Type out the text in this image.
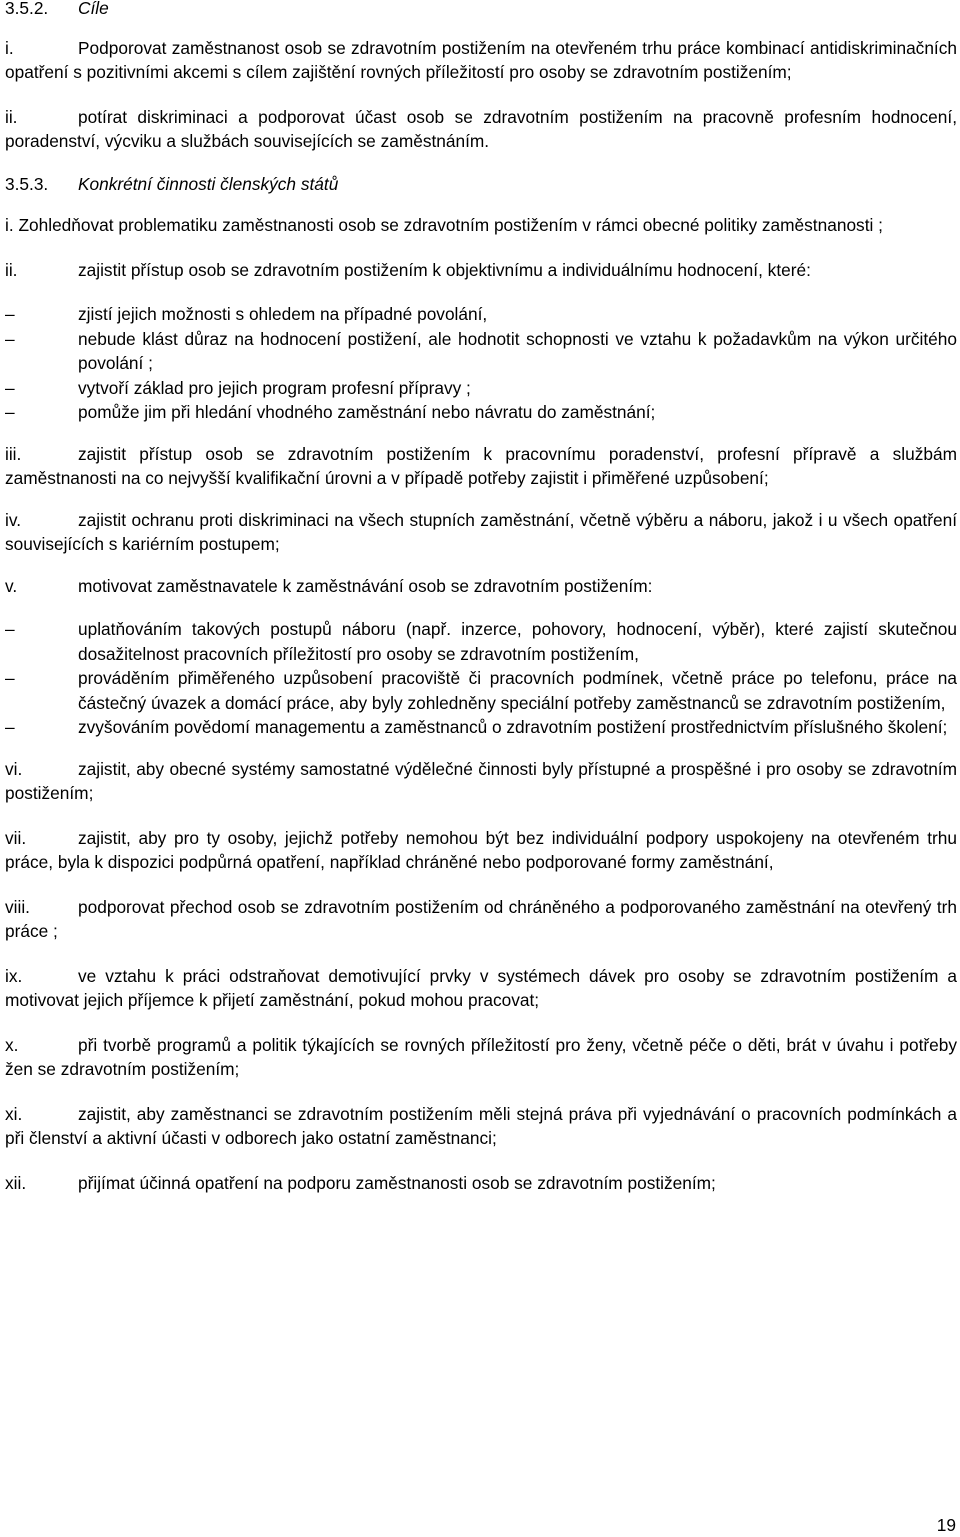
3.5.2. Cíle

i.	Podporovat zaměstnanost osob se zdravotním postižením na otevřeném trhu práce kombinací antidiskriminačních opatření s pozitivními akcemi s cílem zajištění rovných příležitostí pro osoby se zdravotním postižením;

ii.	potírat diskriminaci a podporovat účast osob se zdravotním postižením na pracovně profesním hodnocení, poradenství, výcviku a službách souvisejících se zaměstnáním.

3.5.3. Konkrétní činnosti členských států

i. Zohledňovat problematiku zaměstnanosti osob se zdravotním postižením v rámci obecné politiky zaměstnanosti ;

ii.	zajistit přístup osob se zdravotním postižením k objektivnímu a individuálnímu hodnocení, které:

–	zjistí jejich možnosti s ohledem na případné povolání,
–	nebude klást důraz na hodnocení postižení, ale hodnotit schopnosti ve vztahu k požadavkům na výkon určitého povolání ;
–	vytvoří základ pro jejich program profesní přípravy ;
–	pomůže jim při hledání vhodného zaměstnání nebo návratu do zaměstnání;

iii.	zajistit přístup osob se zdravotním postižením k pracovnímu poradenství, profesní přípravě a službám zaměstnanosti na co nejvyšší kvalifikační úrovni a v případě potřeby zajistit i přiměřené uzpůsobení;

iv.	zajistit ochranu proti diskriminaci na všech stupních zaměstnání, včetně výběru a náboru, jakož i u všech opatření souvisejících s kariérním postupem;

v.	motivovat zaměstnavatele k zaměstnávání osob se zdravotním postižením:

–	uplatňováním takových postupů náboru (např. inzerce, pohovory, hodnocení, výběr), které zajistí skutečnou dosažitelnost pracovních příležitostí pro osoby se zdravotním postižením,
–	prováděním přiměřeného uzpůsobení pracoviště či pracovních podmínek, včetně práce po telefonu, práce na částečný úvazek a domácí práce, aby byly zohledněny speciální potřeby zaměstnanců se zdravotním postižením,
–	zvyšováním povědomí managementu a zaměstnanců o zdravotním postižení prostřednictvím příslušného školení;

vi.	zajistit, aby obecné systémy samostatné výdělečné činnosti byly přístupné a prospěšné i pro osoby se zdravotním postižením;

vii.	zajistit, aby pro ty osoby, jejichž potřeby nemohou být bez individuální podpory uspokojeny na otevřeném trhu práce, byla k dispozici podpůrná opatření, například chráněné nebo podporované formy zaměstnání,

viii.	podporovat přechod osob se zdravotním postižením od chráněného a podporovaného zaměstnání na otevřený trh práce ;

ix.	ve vztahu k práci odstraňovat demotivující prvky v systémech dávek pro osoby se zdravotním postižením a motivovat jejich příjemce k přijetí zaměstnání, pokud mohou pracovat;

x.	při tvorbě programů a politik týkajících se rovných příležitostí pro ženy, včetně péče o děti, brát v úvahu i potřeby žen se zdravotním postižením;

xi.	zajistit, aby zaměstnanci se zdravotním postižením měli stejná práva při vyjednávání o pracovních podmínkách a při členství a aktivní účasti v odborech jako ostatní zaměstnanci;

xii.	přijímat účinná opatření na podporu zaměstnanosti osob se zdravotním postižením;

19
